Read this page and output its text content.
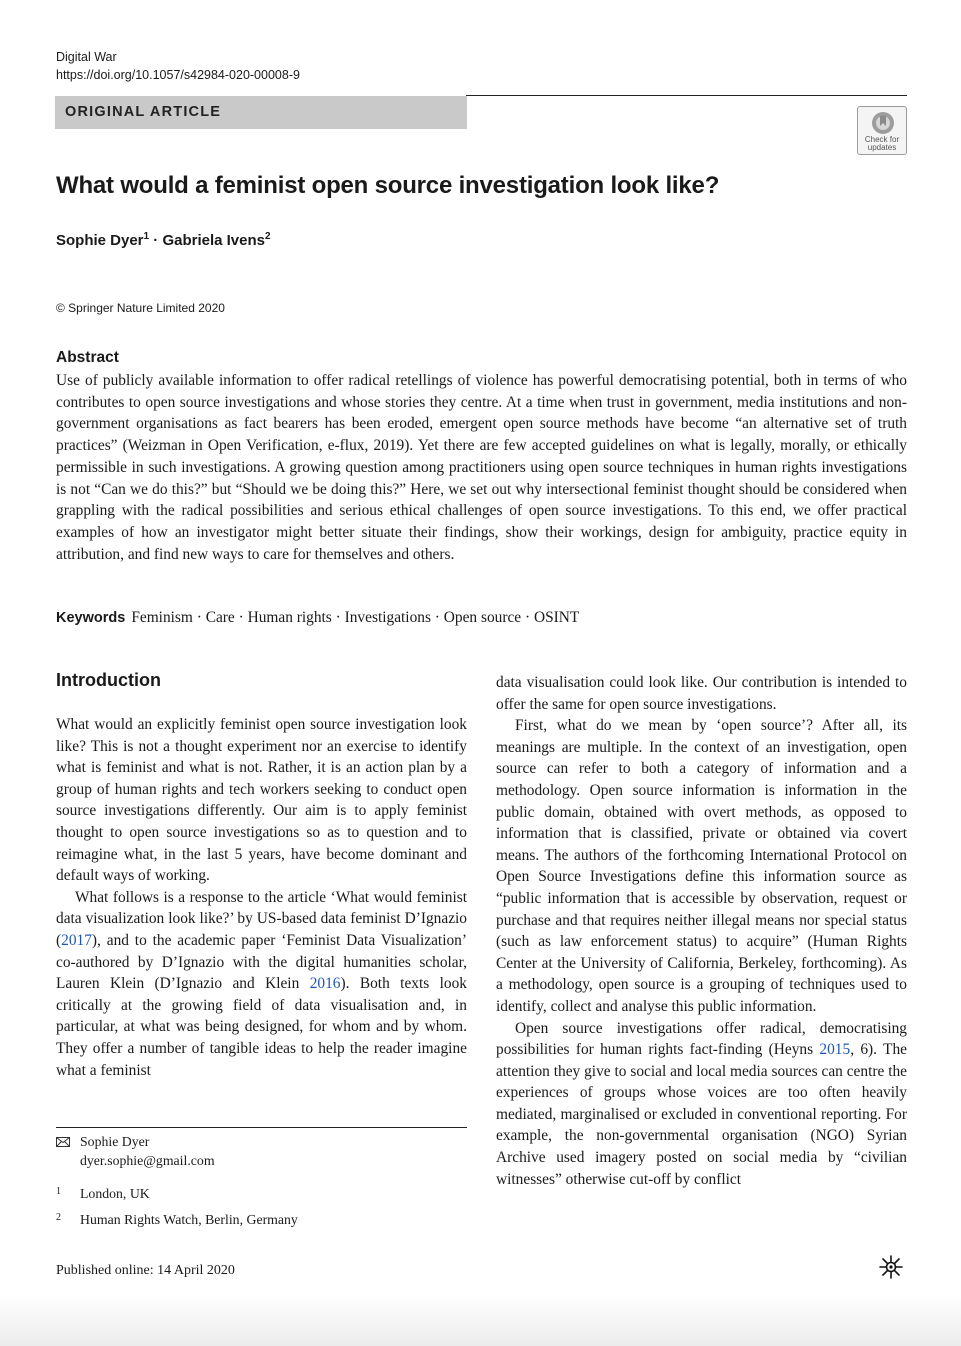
Digital War
https://doi.org/10.1057/s42984-020-00008-9
ORIGINAL ARTICLE
Check for
updates
What would a feminist open source investigation look like?
Sophie Dyer$^1$ · Gabriela Ivens$^2$
© Springer Nature Limited 2020
Abstract
Use of publicly available information to offer radical retellings of violence has powerful democratising potential, both in terms of who contributes to open source investigations and whose stories they centre. At a time when trust in government, media institutions and non-government organisations as fact bearers has been eroded, emergent open source methods have become “an alternative set of truth practices” (Weizman in Open Verification, e-flux, 2019). Yet there are few accepted guidelines on what is legally, morally, or ethically permissible in such investigations. A growing question among practitioners using open source techniques in human rights investigations is not “Can we do this?” but “Should we be doing this?” Here, we set out why intersectional feminist thought should be considered when grappling with the radical possibilities and serious ethical challenges of open source investigations. To this end, we offer practical examples of how an investigator might better situate their findings, show their workings, design for ambiguity, practice equity in attribution, and find new ways to care for themselves and others.
Keywords Feminism · Care · Human rights · Investigations · Open source · OSINT
Introduction

What would an explicitly feminist open source investigation look like? This is not a thought experiment nor an exercise to identify what is feminist and what is not. Rather, it is an action plan by a group of human rights and tech workers seeking to conduct open source investigations differently. Our aim is to apply feminist thought to open source investigations so as to question and to reimagine what, in the last 5 years, have become dominant and default ways of working.

What follows is a response to the article ‘What would feminist data visualization look like?’ by US-based data feminist D’Ignazio (2017), and to the academic paper ‘Feminist Data Visualization’ co-authored by D’Ignazio with the digital humanities scholar, Lauren Klein (D’Ignazio and Klein 2016). Both texts look critically at the growing field of data visualisation and, in particular, at what was being designed, for whom and by whom. They offer a number of tangible ideas to help the reader imagine what a feminist

data visualisation could look like. Our contribution is intended to offer the same for open source investigations.

First, what do we mean by ‘open source’? After all, its meanings are multiple. In the context of an investigation, open source can refer to both a category of information and a methodology. Open source information is information in the public domain, obtained with overt methods, as opposed to information that is classified, private or obtained via covert means. The authors of the forthcoming International Protocol on Open Source Investigations define this information source as “public information that is accessible by observation, request or purchase and that requires neither illegal means nor special status (such as law enforcement status) to acquire” (Human Rights Center at the University of California, Berkeley, forthcoming). As a methodology, open source is a grouping of techniques used to identify, collect and analyse this public information.

Open source investigations offer radical, democratising possibilities for human rights fact-finding (Heyns 2015, 6). The attention they give to social and local media sources can centre the experiences of groups whose voices are too often heavily mediated, marginalised or excluded in conventional reporting. For example, the non-governmental organisation (NGO) Syrian Archive used imagery posted on social media by “civilian witnesses” otherwise cut-off by conflict

Sophie Dyer
dyer.sophie@gmail.com
1 London, UK
2 Human Rights Watch, Berlin, Germany
Published online: 14 April 2020
